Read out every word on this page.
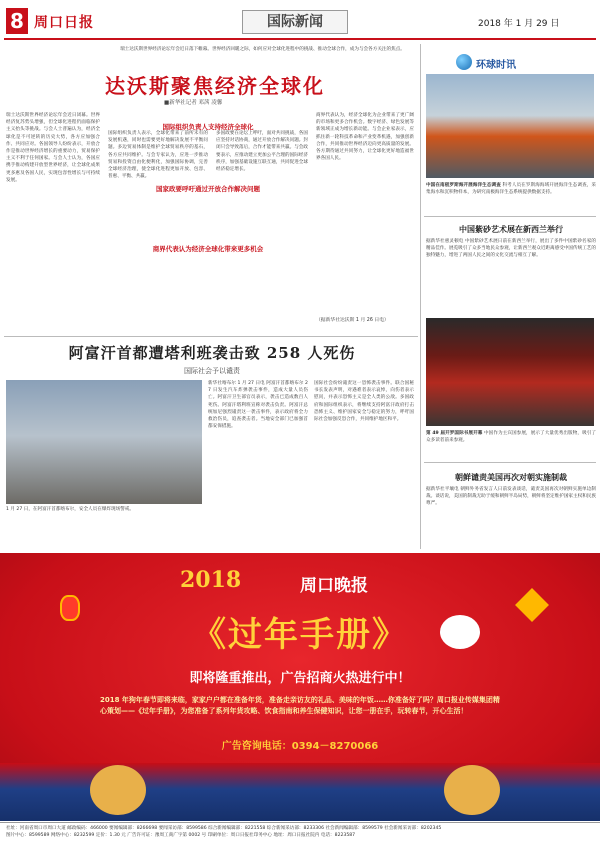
8 周口日报	国际新闻	2018 年 1 月 29 日
瑞士达沃斯世界经济论坛年会近日落下帷幕。世界经济回暖之际，如何应对全球化进程中的挑战、推动全球合作，成为与会各方关注的焦点。
达沃斯聚焦经济全球化
■新华社记者 邓茜 凌馨
瑞士达沃斯世界经济论坛年会近日闭幕。世界经济复苏势头增强，但全球化进程仍面临保护主义抬头等挑战。与会人士普遍认为，经济全球化是不可逆转的历史大势，各方应加强合作、共同应对。各国领导人纷纷表示，开放合作是推动世界经济增长的重要动力，贸易保护主义不利于任何国家。与会人士认为，各国应携手推动构建开放型世界经济，让全球化成果更多惠及各国人民，实现包容性增长与可持续发展。
国际组织负责人表示，全球化带来了前所未有的发展机遇，同时也需要更好地解决发展不平衡问题。多边贸易体制是维护全球贸易秩序的基石，各方应共同维护。与会专家认为，应进一步推动贸易和投资自由化便利化，加强国际协调，完善全球经济治理，使全球化进程更加开放、包容、普惠、平衡、共赢。
多国政要在论坛上呼吁，面对共同挑战，各国应坚持对话协商，通过开放合作解决问题。封闭只会导致落后，合作才能带来共赢。与会政要表示，应推动建立更加公平合理的国际经济秩序，加强基础设施互联互通，共同促进全球经济稳定增长。
商界代表认为，经济全球化为企业带来了更广阔的市场和更多合作机会。数字经济、绿色发展等新领域正成为增长新动能。与会企业家表示，应抓住新一轮科技革命和产业变革机遇，加强创新合作，共同推动世界经济迈向更高质量的发展。各方期待通过共同努力，让全球化更好地造福世界各国人民。
国际组织负责人支持经济全球化
国家政要呼吁通过开放合作解决问题
商界代表认为经济全球化带来更多机会
（据新华社达沃斯 1 月 26 日电）
环球时讯
中国在南极罗斯海开展海洋生态调查 科考人员在罗斯海海域开展海洋生态调查，采集海水和沉积物样本，为研究南极海洋生态系统提供数据支持。
中国紫砂艺术展在新西兰举行
据新华社惠灵顿电 中国紫砂艺术展日前在新西兰举行，展出了多件中国紫砂名家的精品佳作。展览吸引了众多当地民众参观，让新西兰观众近距离感受中国传统工艺的独特魅力，增进了两国人民之间的文化交流与相互了解。
第 49 届开罗国际书展开幕 中国作为主宾国参展，展示了大量优秀出版物，吸引了众多读者前来参观。
朝鲜谴责美国再次对朝实施制裁
据新华社平壤电 朝鲜外务省发言人日前发表谈话，谴责美国再次对朝鲜实施单边制裁。谈话说，美国的制裁无助于缓和朝鲜半岛局势，朝鲜将坚定维护国家主权和民族尊严。
阿富汗首都遭塔利班袭击致 258 人死伤
国际社会予以谴责
1 月 27 日，在阿富汗首都喀布尔，安全人员在爆炸现场警戒。
新华社喀布尔 1 月 27 日电 阿富汗首都喀布尔 27 日发生汽车炸弹袭击事件，造成大量人员伤亡。阿富汗卫生部官员表示，袭击已造成数百人死伤。阿富汗塔利班宣称对袭击负责。阿富汗总统加尼强烈谴责这一袭击事件，表示政府将全力救治伤员，追查袭击者。当地安全部门已加强首都安保措施。
国际社会纷纷谴责这一恐怖袭击事件。联合国秘书长发表声明，对遇难者表示哀悼，向伤者表示慰问，并表示恐怖主义是全人类的公敌。多国政府和国际组织表示，将继续支持阿富汗政府打击恐怖主义、维护国家安全与稳定的努力，呼吁国际社会加强反恐合作，共同维护地区和平。
2018	周口晚报
《过年手册》
即将隆重推出，广告招商火热进行中！
2018 年狗年春节即将来临，家家户户都在准备年货，准备走亲访友的礼品、美味的年饭……你准备好了吗？周口报业传媒集团精心策划——《过年手册》，为您准备了系列年货攻略、饮食指南和养生保健知识，让您一册在手，玩转春节，开心生活！
广告咨询电话：0394－8270066
社址：河南省周口市周口大道 邮政编码：466000 要闻编辑部：8266698 要闻采访部：8599586 综合新闻编辑部：8221558 综合新闻采访部：8233306 社会新闻编辑部：8599579 社会新闻采访部：8202345
图片中心：8599589 网络中心：8232599 定价：1.30 元 广告许可证：豫周工商广字第 0002 号 印刷单位：周口日报社印务中心 地址：周口日报社院内 电话：8223587
